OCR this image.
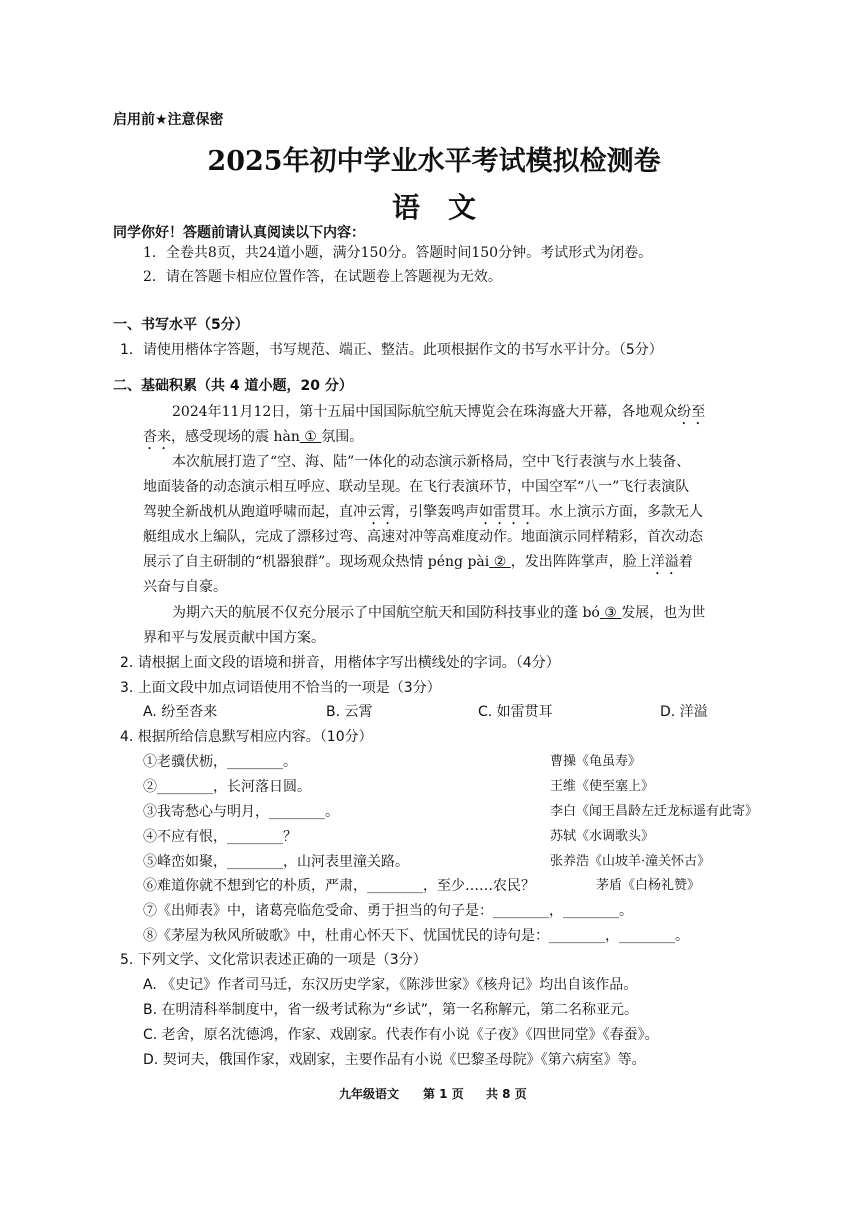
启用前★注意保密
2025年初中学业水平考试模拟检测卷
语　文
同学你好！答题前请认真阅读以下内容：
1．全卷共8页，共24道小题，满分150分。答题时间150分钟。考试形式为闭卷。
2．请在答题卡相应位置作答，在试题卷上答题视为无效。
一、书写水平（5分）
1．请使用楷体字答题，书写规范、端正、整洁。此项根据作文的书写水平计分。（5分）
二、基础积累（共 4 道小题，20 分）
2024年11月12日，第十五届中国国际航空航天博览会在珠海盛大开幕，各地观众纷至
沓来，感受现场的震 hàn ① 氛围。
本次航展打造了“空、海、陆”一体化的动态演示新格局，空中飞行表演与水上装备、
地面装备的动态演示相互呼应、联动呈现。在飞行表演环节，中国空军“八一”飞行表演队
驾驶全新战机从跑道呼啸而起，直冲云霄，引擎轰鸣声如雷贯耳。水上演示方面，多款无人
艇组成水上编队，完成了漂移过弯、高速对冲等高难度动作。地面演示同样精彩，首次动态
展示了自主研制的“机器狼群”。现场观众热情 péng pài ② ，发出阵阵掌声，脸上洋溢着
兴奋与自豪。
为期六天的航展不仅充分展示了中国航空航天和国防科技事业的蓬 bó ③ 发展，也为世
界和平与发展贡献中国方案。
2. 请根据上面文段的语境和拼音，用楷体字写出横线处的字词。（4分）
3. 上面文段中加点词语使用不恰当的一项是（3分）
A. 纷至沓来	B. 云霄	C. 如雷贯耳	D. 洋溢
4. 根据所给信息默写相应内容。（10分）
①老骥伏枥，________。	曹操《龟虽寿》
②________，长河落日圆。	王维《使至塞上》
③我寄愁心与明月，________。	李白《闻王昌龄左迁龙标遥有此寄》
④不应有恨，________？	苏轼《水调歌头》
⑤峰峦如聚，________，山河表里潼关路。	张养浩《山坡羊·潼关怀古》
⑥难道你就不想到它的朴质，严肃，________，至少……农民？	茅盾《白杨礼赞》
⑦《出师表》中，诸葛亮临危受命、勇于担当的句子是：________，________。
⑧《茅屋为秋风所破歌》中，杜甫心怀天下、忧国忧民的诗句是：________，________。
5. 下列文学、文化常识表述正确的一项是（3分）
A. 《史记》作者司马迁，东汉历史学家，《陈涉世家》《核舟记》均出自该作品。
B. 在明清科举制度中，省一级考试称为“乡试”，第一名称解元，第二名称亚元。
C. 老舍，原名沈德鸿，作家、戏剧家。代表作有小说《子夜》《四世同堂》《春蚕》。
D. 契诃夫，俄国作家，戏剧家，主要作品有小说《巴黎圣母院》《第六病室》等。
九年级语文 第 1 页 共 8 页
